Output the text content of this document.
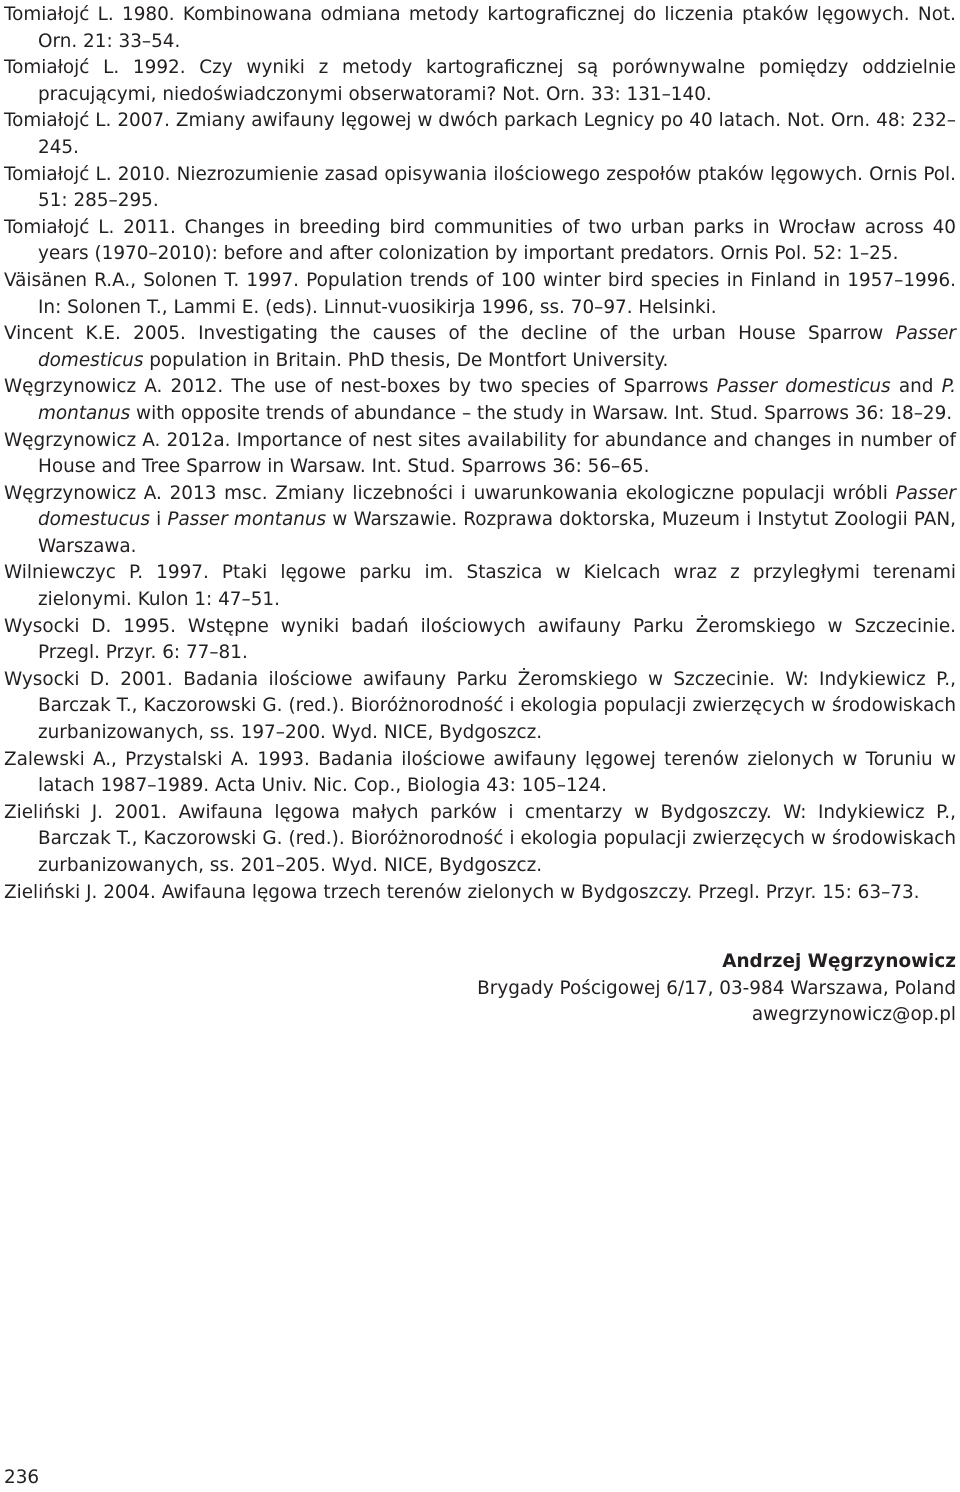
Tomiałojć L. 1980. Kombinowana odmiana metody kartograficznej do liczenia ptaków lęgowych. Not. Orn. 21: 33–54.

Tomiałojć L. 1992. Czy wyniki z metody kartograficznej są porównywalne pomiędzy oddzielnie pracującymi, niedoświadczonymi obserwatorami? Not. Orn. 33: 131–140.

Tomiałojć L. 2007. Zmiany awifauny lęgowej w dwóch parkach Legnicy po 40 latach. Not. Orn. 48: 232–245.

Tomiałojć L. 2010. Niezrozumienie zasad opisywania ilościowego zespołów ptaków lęgowych. Ornis Pol. 51: 285–295.

Tomiałojć L. 2011. Changes in breeding bird communities of two urban parks in Wrocław across 40 years (1970–2010): before and after colonization by important predators. Ornis Pol. 52: 1–25.

Väisänen R.A., Solonen T. 1997. Population trends of 100 winter bird species in Finland in 1957–1996. In: Solonen T., Lammi E. (eds). Linnut-vuosikirja 1996, ss. 70–97. Helsinki.

Vincent K.E. 2005. Investigating the causes of the decline of the urban House Sparrow Passer domesticus population in Britain. PhD thesis, De Montfort University.

Węgrzynowicz A. 2012. The use of nest-boxes by two species of Sparrows Passer domesticus and P. montanus with opposite trends of abundance – the study in Warsaw. Int. Stud. Sparrows 36: 18–29.

Węgrzynowicz A. 2012a. Importance of nest sites availability for abundance and changes in number of House and Tree Sparrow in Warsaw. Int. Stud. Sparrows 36: 56–65.

Węgrzynowicz A. 2013 msc. Zmiany liczebności i uwarunkowania ekologiczne populacji wróbli Passer domestucus i Passer montanus w Warszawie. Rozprawa doktorska, Muzeum i Instytut Zoologii PAN, Warszawa.

Wilniewczyc P. 1997. Ptaki lęgowe parku im. Staszica w Kielcach wraz z przyległymi terenami zielonymi. Kulon 1: 47–51.

Wysocki D. 1995. Wstępne wyniki badań ilościowych awifauny Parku Żeromskiego w Szczecinie. Przegl. Przyr. 6: 77–81.

Wysocki D. 2001. Badania ilościowe awifauny Parku Żeromskiego w Szczecinie. W: Indykiewicz P., Barczak T., Kaczorowski G. (red.). Bioróżnorodność i ekologia populacji zwierzęcych w środowiskach zurbanizowanych, ss. 197–200. Wyd. NICE, Bydgoszcz.

Zalewski A., Przystalski A. 1993. Badania ilościowe awifauny lęgowej terenów zielonych w Toruniu w latach 1987–1989. Acta Univ. Nic. Cop., Biologia 43: 105–124.

Zieliński J. 2001. Awifauna lęgowa małych parków i cmentarzy w Bydgoszczy. W: Indykiewicz P., Barczak T., Kaczorowski G. (red.). Bioróżnorodność i ekologia populacji zwierzęcych w środowiskach zurbanizowanych, ss. 201–205. Wyd. NICE, Bydgoszcz.

Zieliński J. 2004. Awifauna lęgowa trzech terenów zielonych w Bydgoszczy. Przegl. Przyr. 15: 63–73.

Andrzej Węgrzynowicz
Brygady Pościgowej 6/17, 03-984 Warszawa, Poland
awegrzynowicz@op.pl
236
